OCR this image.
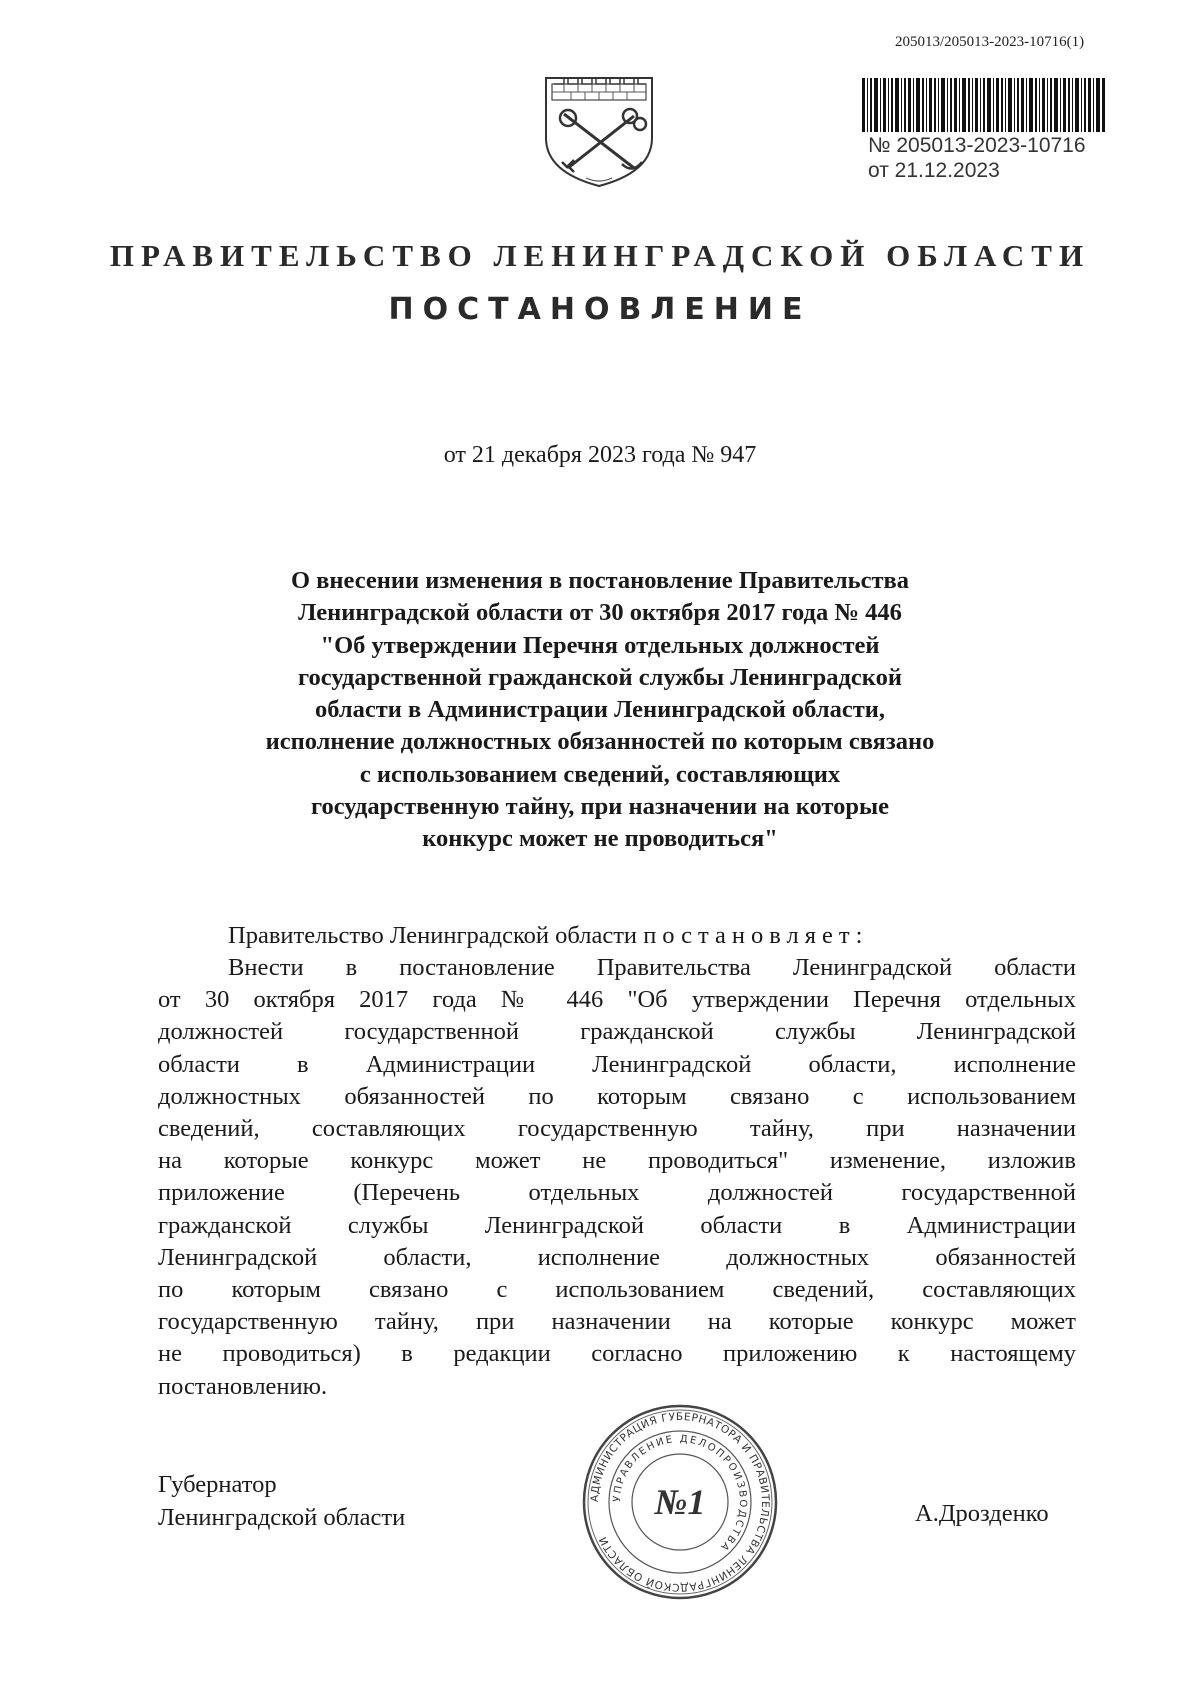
205013/205013-2023-10716(1)
№ 205013-2023-10716
от 21.12.2023
ПРАВИТЕЛЬСТВО ЛЕНИНГРАДСКОЙ ОБЛАСТИ
ПОСТАНОВЛЕНИЕ
от 21 декабря 2023 года № 947
О внесении изменения в постановление Правительства
Ленинградской области от 30 октября 2017 года № 446
"Об утверждении Перечня отдельных должностей
государственной гражданской службы Ленинградской
области в Администрации Ленинградской области,
исполнение должностных обязанностей по которым связано
с использованием сведений, составляющих
государственную тайну, при назначении на которые
конкурс может не проводиться"
Правительство Ленинградской области постановляет:
Внести в постановление Правительства Ленинградской области
от 30 октября 2017 года № 446 "Об утверждении Перечня отдельных
должностей государственной гражданской службы Ленинградской
области в Администрации Ленинградской области, исполнение
должностных обязанностей по которым связано с использованием
сведений, составляющих государственную тайну, при назначении
на которые конкурс может не проводиться" изменение, изложив
приложение (Перечень отдельных должностей государственной
гражданской службы Ленинградской области в Администрации
Ленинградской области, исполнение должностных обязанностей
по которым связано с использованием сведений, составляющих
государственную тайну, при назначении на которые конкурс может
не проводиться) в редакции согласно приложению к настоящему
постановлению.
Губернатор
Ленинградской области	А.Дрозденко
АДМИНИСТРАЦИЯ ГУБЕРНАТОРА И ПРАВИТЕЛЬСТВА ЛЕНИНГРАДСКОЙ ОБЛАСТИ
УПРАВЛЕНИЕ ДЕЛОПРОИЗВОДСТВА
№1
